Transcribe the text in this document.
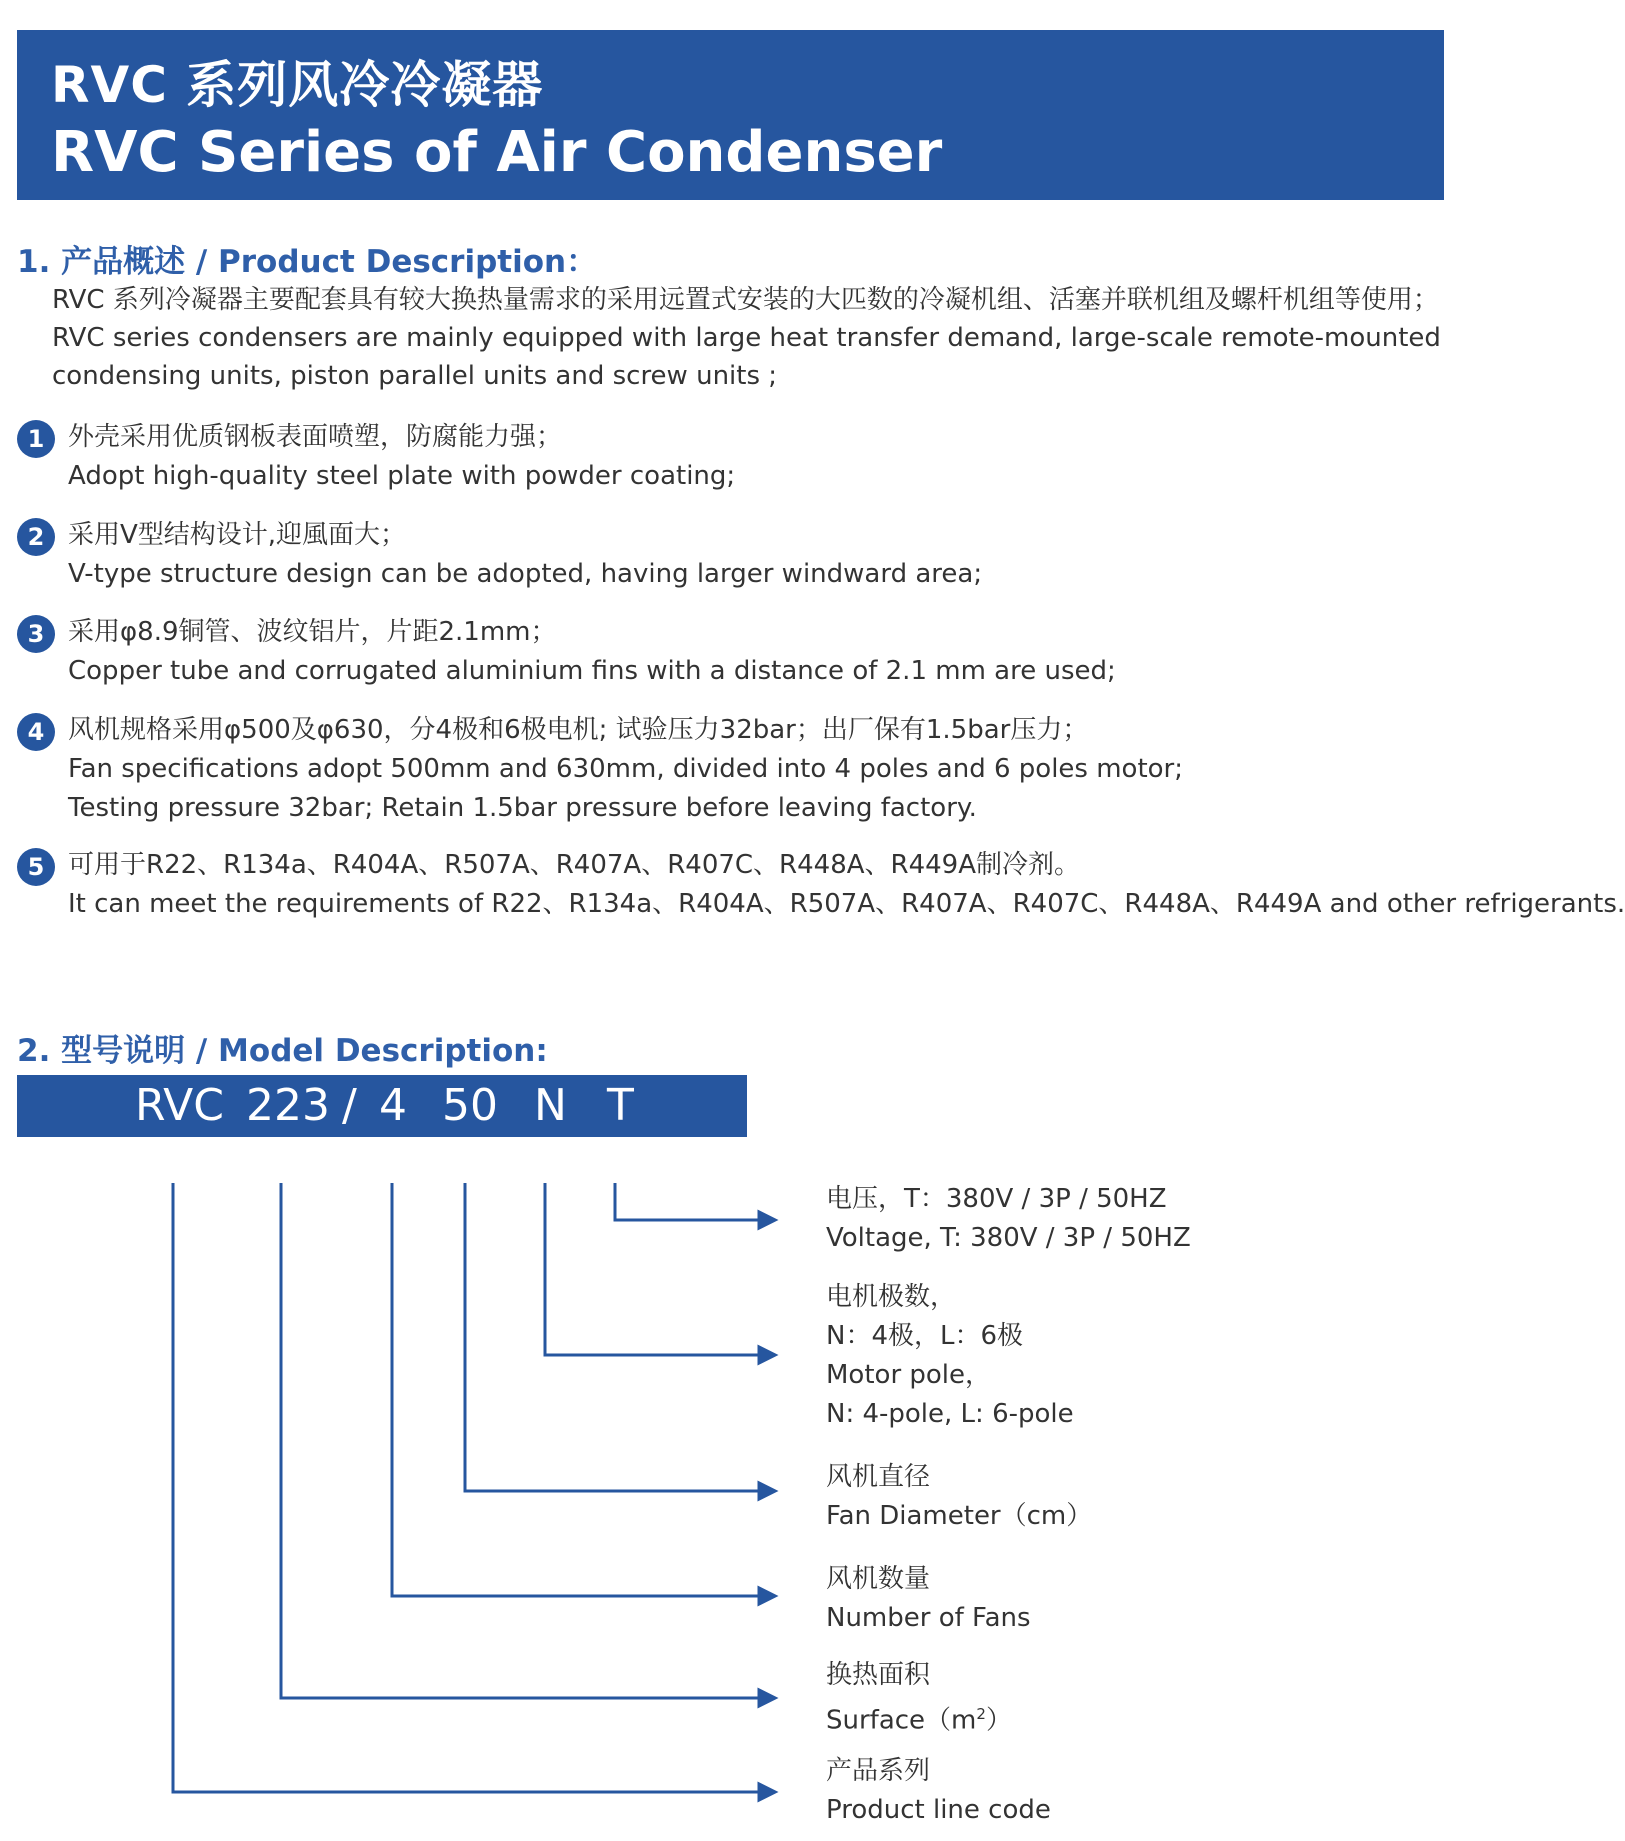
RVC 系列风冷冷凝器
RVC Series of Air Condenser
1. 产品概述 / Product Description：

RVC 系列冷凝器主要配套具有较大换热量需求的采用远置式安装的大匹数的冷凝机组、活塞并联机组及螺杆机组等使用；

RVC series condensers are mainly equipped with large heat transfer demand, large-scale remote-mounted

condensing units, piston parallel units and screw units ;

1 外壳采用优质钢板表面喷塑，防腐能力强；
Adopt high-quality steel plate with powder coating;
2 采用V型结构设计,迎風面大；
V-type structure design can be adopted, having larger windward area;
3 采用φ8.9铜管、波纹铝片，片距2.1mm；
Copper tube and corrugated aluminium fins with a distance of 2.1 mm are used;
4 风机规格采用φ500及φ630，分4极和6极电机; 试验压力32bar；出厂保有1.5bar压力；
Fan specifications adopt 500mm and 630mm, divided into 4 poles and 6 poles motor;
Testing pressure 32bar; Retain 1.5bar pressure before leaving factory.
5 可用于R22、R134a、R404A、R507A、R407A、R407C、R448A、R449A制冷剂。
It can meet the requirements of R22、R134a、R404A、R507A、R407A、R407C、R448A、R449A and other refrigerants.
2. 型号说明 / Model Description:
RVC 223 / 4 50 N T
电压，T：380V / 3P / 50HZ
Voltage, T: 380V / 3P / 50HZ
电机极数，
N：4极，L：6极
Motor pole，
N: 4-pole, L: 6-pole
风机直径
Fan Diameter（cm）
风机数量
Number of Fans
换热面积
$Surface(m^2)$
产品系列
Product line code
